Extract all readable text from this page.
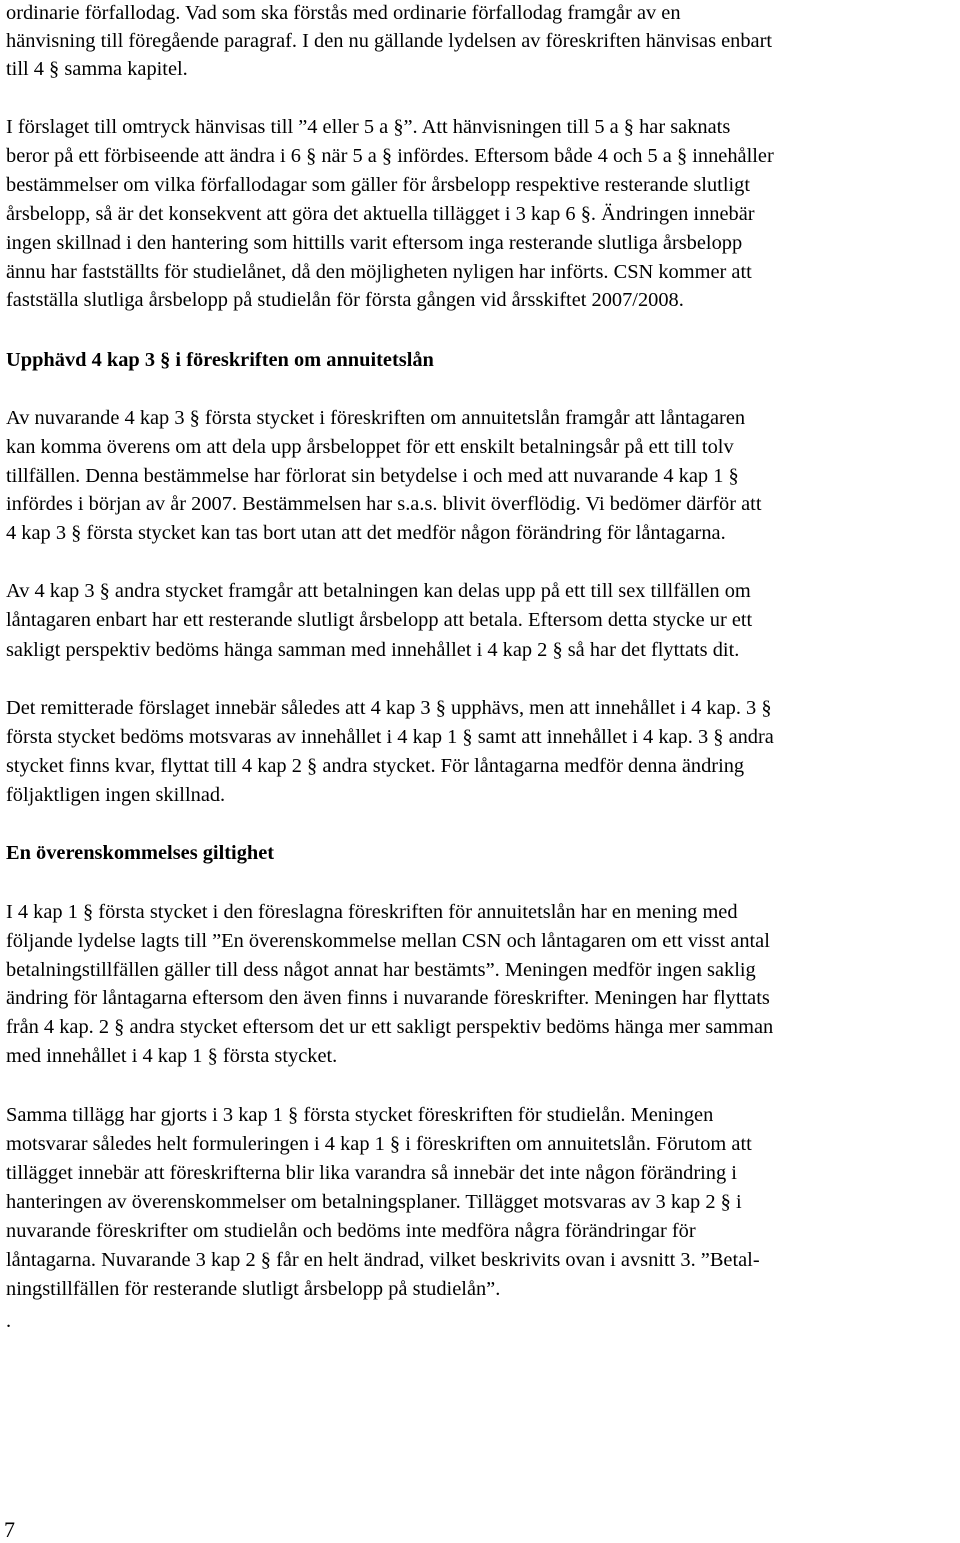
ordinarie förfallodag. Vad som ska förstås med ordinarie förfallodag framgår av en
hänvisning till föregående paragraf. I den nu gällande lydelsen av föreskriften hänvisas enbart
till 4 § samma kapitel.
I förslaget till omtryck hänvisas till ”4 eller 5 a §”. Att hänvisningen till 5 a § har saknats
beror på ett förbiseende att ändra i 6 § när 5 a § infördes. Eftersom både 4 och 5 a § innehåller
bestämmelser om vilka förfallodagar som gäller för årsbelopp respektive resterande slutligt
årsbelopp, så är det konsekvent att göra det aktuella tillägget i 3 kap 6 §. Ändringen innebär
ingen skillnad i den hantering som hittills varit eftersom inga resterande slutliga årsbelopp
ännu har fastställts för studielånet, då den möjligheten nyligen har införts. CSN kommer att
fastställa slutliga årsbelopp på studielån för första gången vid årsskiftet 2007/2008.
Upphävd 4 kap 3 § i föreskriften om annuitetslån
Av nuvarande 4 kap 3 § första stycket i föreskriften om annuitetslån framgår att låntagaren
kan komma överens om att dela upp årsbeloppet för ett enskilt betalningsår på ett till tolv
tillfällen. Denna bestämmelse har förlorat sin betydelse i och med att nuvarande 4 kap 1 §
infördes i början av år 2007. Bestämmelsen har s.a.s. blivit överflödig. Vi bedömer därför att
4 kap 3 § första stycket kan tas bort utan att det medför någon förändring för låntagarna.
Av 4 kap 3 § andra stycket framgår att betalningen kan delas upp på ett till sex tillfällen om
låntagaren enbart har ett resterande slutligt årsbelopp att betala. Eftersom detta stycke ur ett
sakligt perspektiv bedöms hänga samman med innehållet i 4 kap 2 § så har det flyttats dit.
Det remitterade förslaget innebär således att 4 kap 3 § upphävs, men att innehållet i 4 kap. 3 §
första stycket bedöms motsvaras av innehållet i 4 kap 1 § samt att innehållet i 4 kap. 3 § andra
stycket finns kvar, flyttat till 4 kap 2 § andra stycket. För låntagarna medför denna ändring
följaktligen ingen skillnad.
En överenskommelses giltighet
I 4 kap 1 § första stycket i den föreslagna föreskriften för annuitetslån har en mening med
följande lydelse lagts till ”En överenskommelse mellan CSN och låntagaren om ett visst antal
betalningstillfällen gäller till dess något annat har bestämts”. Meningen medför ingen saklig
ändring för låntagarna eftersom den även finns i nuvarande föreskrifter. Meningen har flyttats
från 4 kap. 2 § andra stycket eftersom det ur ett sakligt perspektiv bedöms hänga mer samman
med innehållet i 4 kap 1 § första stycket.
Samma tillägg har gjorts i 3 kap 1 § första stycket föreskriften för studielån. Meningen
motsvarar således helt formuleringen i 4 kap 1 § i föreskriften om annuitetslån. Förutom att
tillägget innebär att föreskrifterna blir lika varandra så innebär det inte någon förändring i
hanteringen av överenskommelser om betalningsplaner. Tillägget motsvaras av 3 kap 2 § i
nuvarande föreskrifter om studielån och bedöms inte medföra några förändringar för
låntagarna. Nuvarande 3 kap 2 § får en helt ändrad, vilket beskrivits ovan i avsnitt 3. ”Betal-
ningstillfällen för resterande slutligt årsbelopp på studielån”.
.
7
